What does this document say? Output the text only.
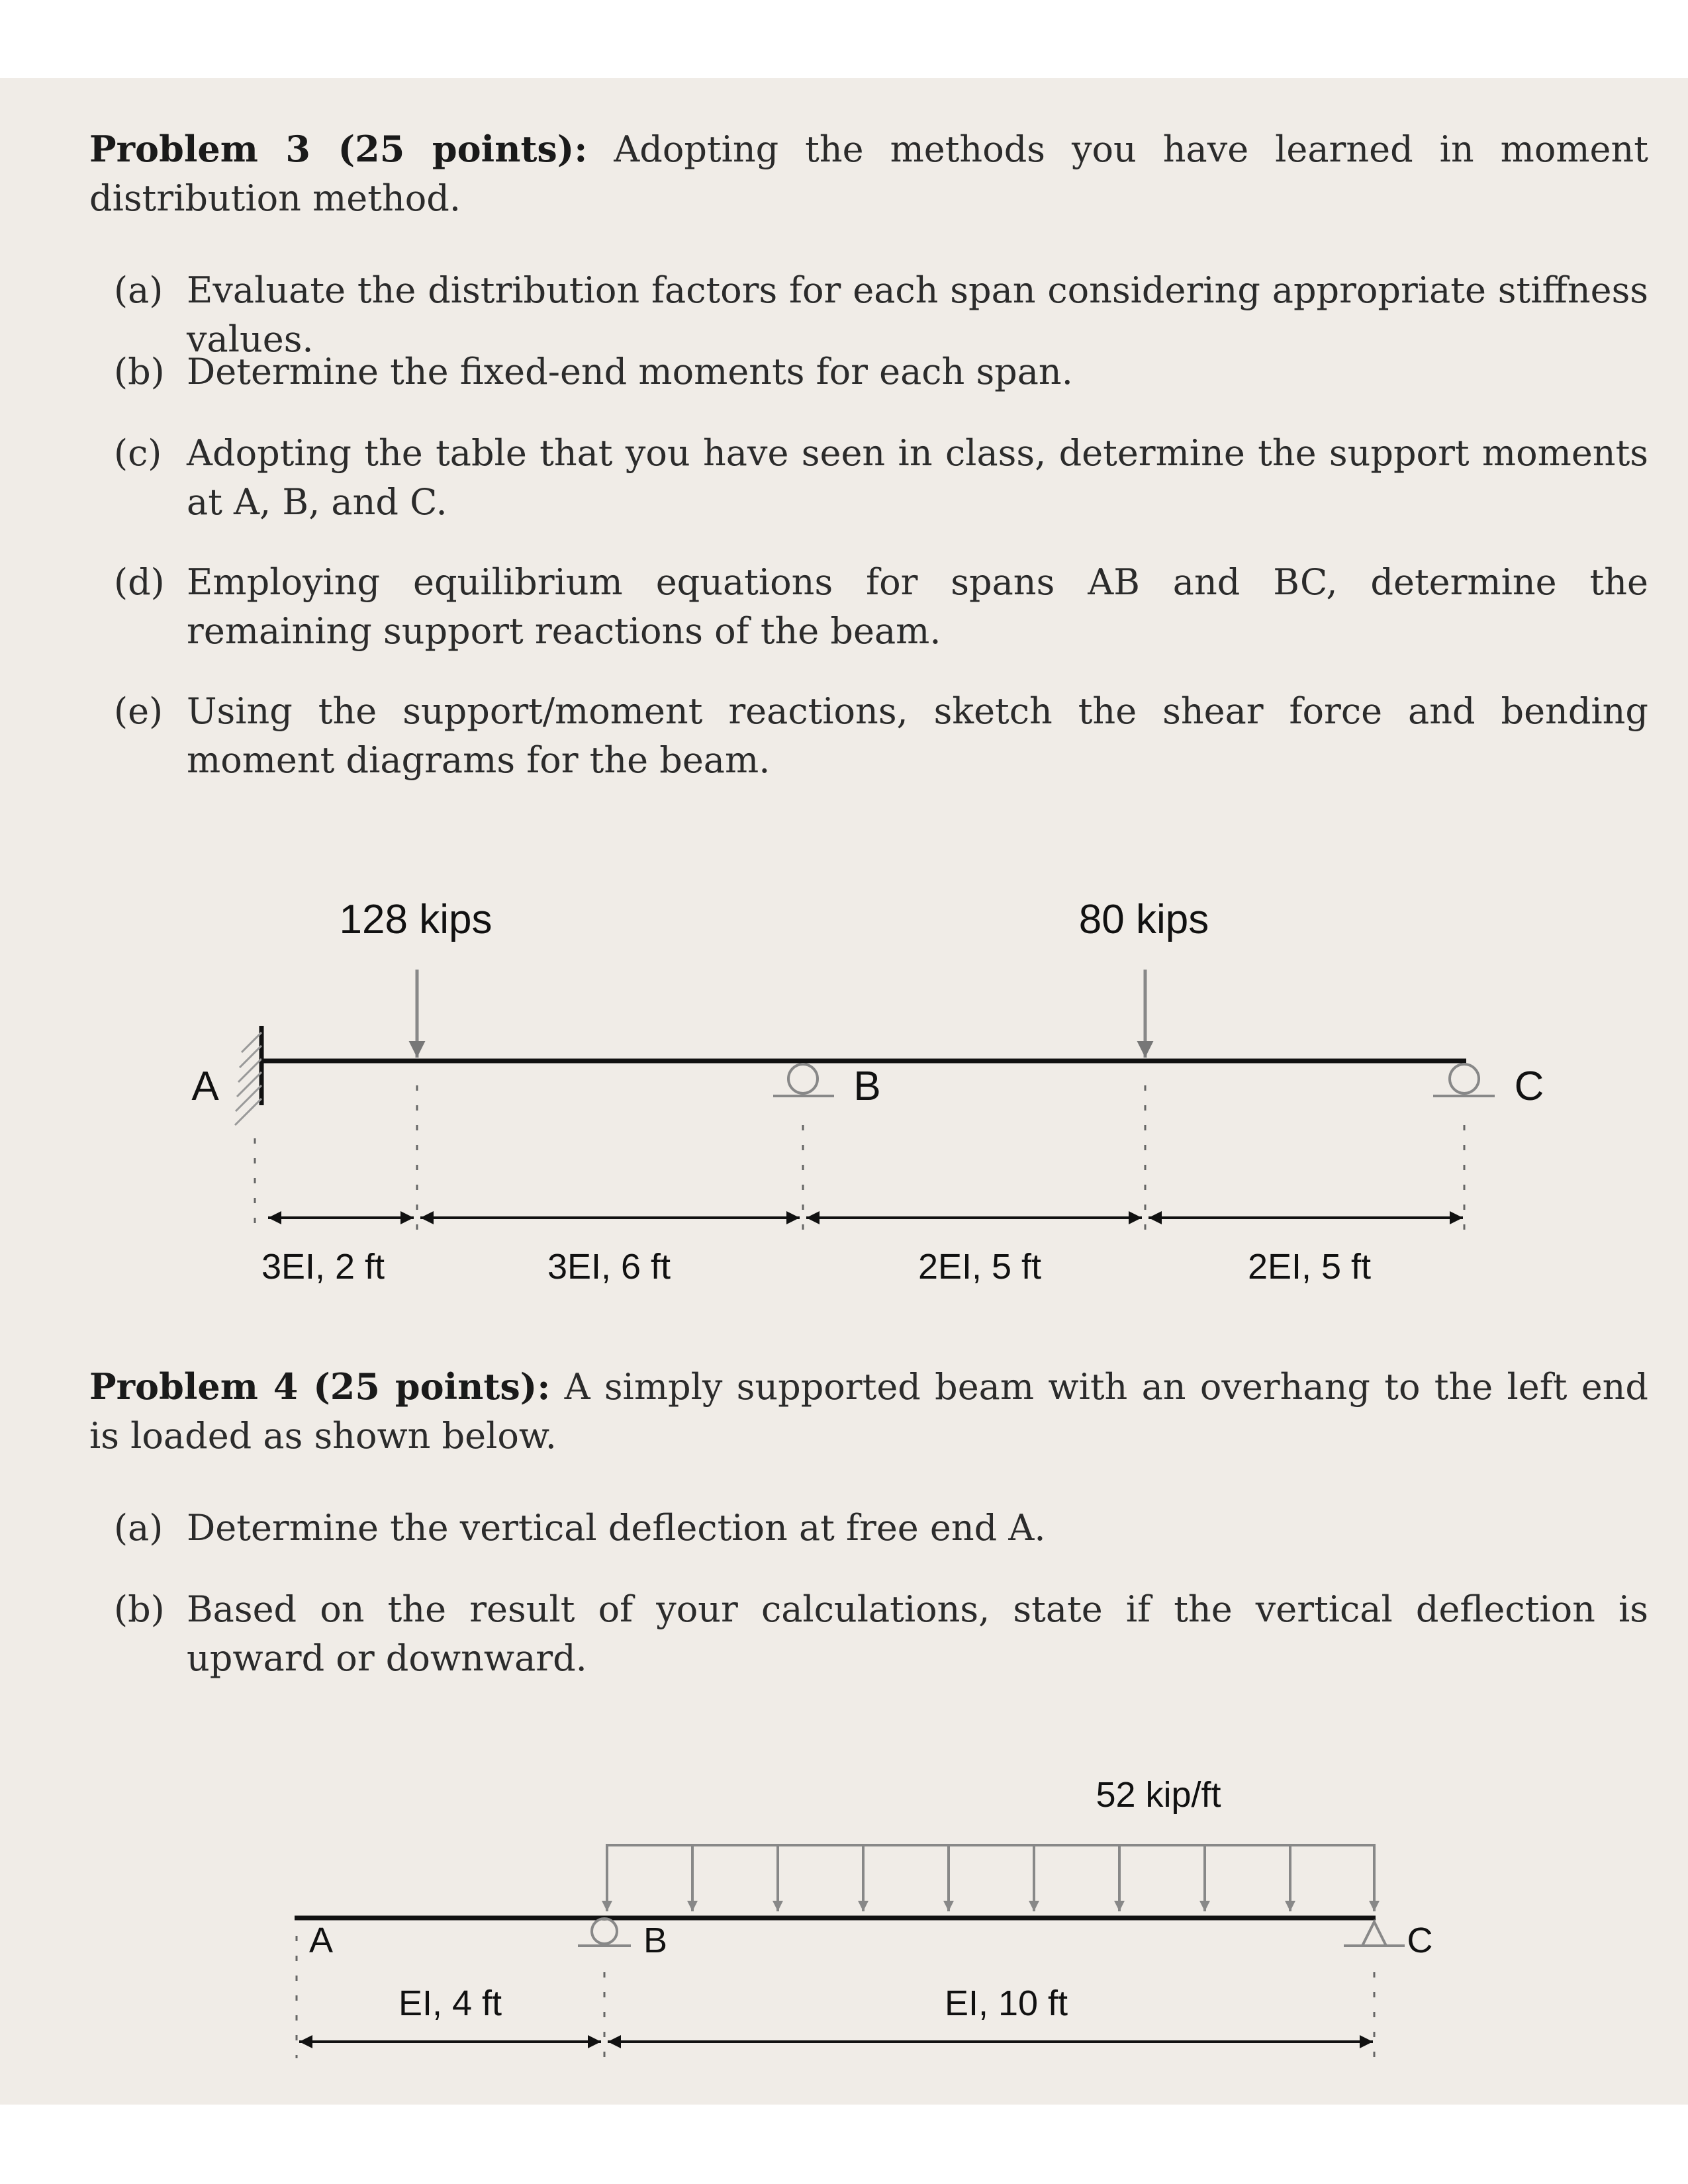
Problem 3 (25 points): Adopting the methods you have learned in moment distribution method.
(a) Evaluate the distribution factors for each span considering appropriate stiffness values.
(b) Determine the fixed-end moments for each span.
(c) Adopting the table that you have seen in class, determine the support moments at A, B, and C.
(d) Employing equilibrium equations for spans AB and BC, determine the remaining support reactions of the beam.
(e) Using the support/moment reactions, sketch the shear force and bending moment diagrams for the beam.
128 kips	80 kips
A	B	C
3EI, 2 ft	3EI, 6 ft	2EI, 5 ft	2EI, 5 ft
Problem 4 (25 points): A simply supported beam with an overhang to the left end is loaded as shown below.
(a) Determine the vertical deflection at free end A.
(b) Based on the result of your calculations, state if the vertical deflection is upward or downward.
52 kip/ft
A	B	C
EI, 4 ft	EI, 10 ft
